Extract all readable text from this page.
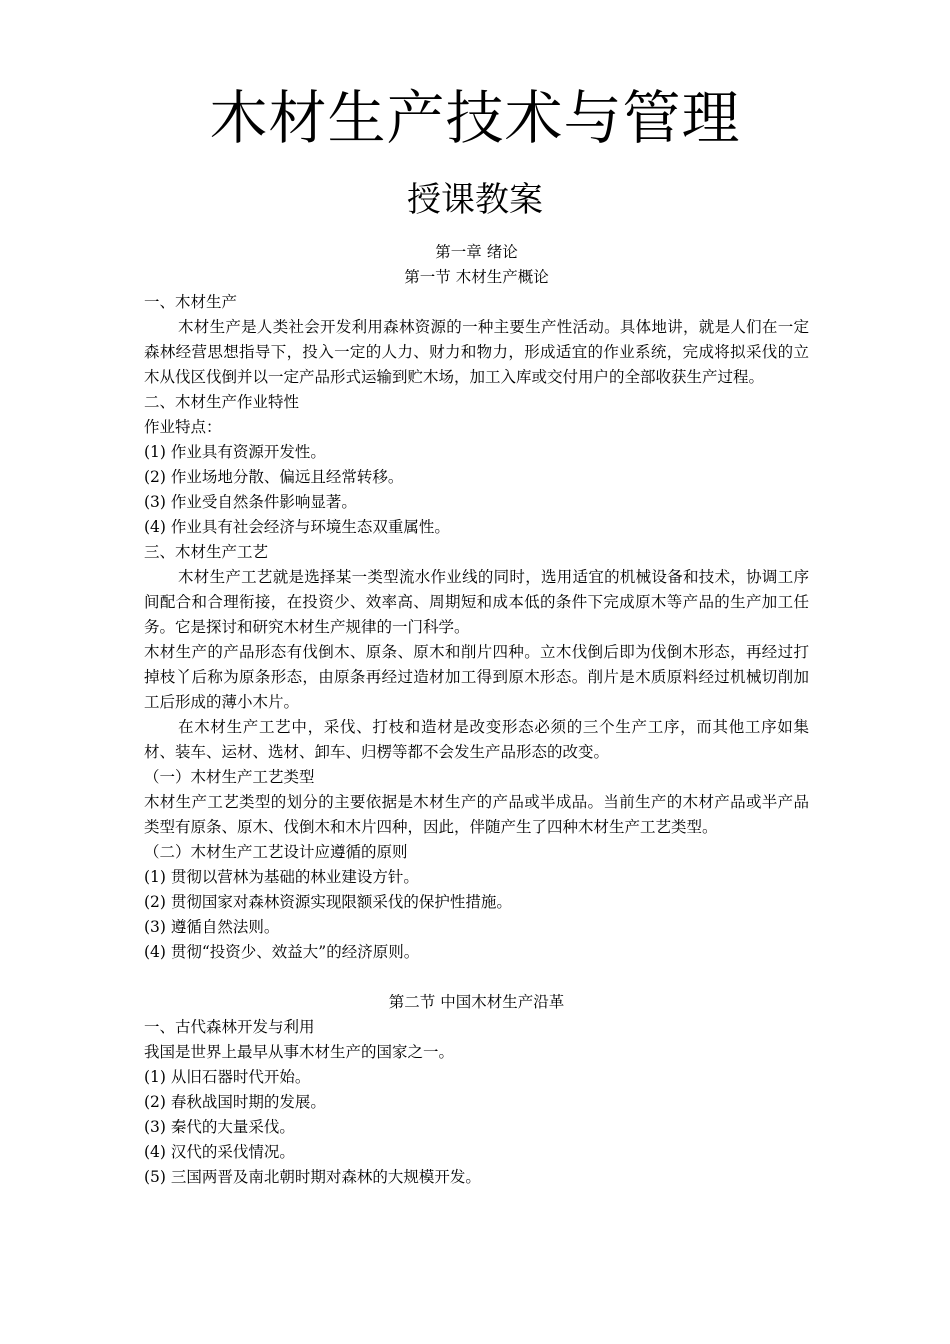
木材生产技术与管理
授课教案

第一章 绪论

第一节 木材生产概论

一、木材生产

木材生产是人类社会开发利用森林资源的一种主要生产性活动。具体地讲，就是人们在一定森林经营思想指导下，投入一定的人力、财力和物力，形成适宜的作业系统，完成将拟采伐的立木从伐区伐倒并以一定产品形式运输到贮木场，加工入库或交付用户的全部收获生产过程。

二、木材生产作业特性

作业特点：

(1) 作业具有资源开发性。

(2) 作业场地分散、偏远且经常转移。

(3) 作业受自然条件影响显著。

(4) 作业具有社会经济与环境生态双重属性。

三、木材生产工艺

木材生产工艺就是选择某一类型流水作业线的同时，选用适宜的机械设备和技术，协调工序间配合和合理衔接，在投资少、效率高、周期短和成本低的条件下完成原木等产品的生产加工任务。它是探讨和研究木材生产规律的一门科学。

木材生产的产品形态有伐倒木、原条、原木和削片四种。立木伐倒后即为伐倒木形态，再经过打掉枝丫后称为原条形态，由原条再经过造材加工得到原木形态。削片是木质原料经过机械切削加工后形成的薄小木片。

在木材生产工艺中，采伐、打枝和造材是改变形态必须的三个生产工序，而其他工序如集材、装车、运材、选材、卸车、归楞等都不会发生产品形态的改变。

（一）木材生产工艺类型

木材生产工艺类型的划分的主要依据是木材生产的产品或半成品。当前生产的木材产品或半产品类型有原条、原木、伐倒木和木片四种，因此，伴随产生了四种木材生产工艺类型。

（二）木材生产工艺设计应遵循的原则

(1) 贯彻以营林为基础的林业建设方针。

(2) 贯彻国家对森林资源实现限额采伐的保护性措施。

(3) 遵循自然法则。

(4) 贯彻“投资少、效益大”的经济原则。

第二节 中国木材生产沿革

一、古代森林开发与利用

我国是世界上最早从事木材生产的国家之一。

(1) 从旧石器时代开始。

(2) 春秋战国时期的发展。

(3) 秦代的大量采伐。

(4) 汉代的采伐情况。

(5) 三国两晋及南北朝时期对森林的大规模开发。
